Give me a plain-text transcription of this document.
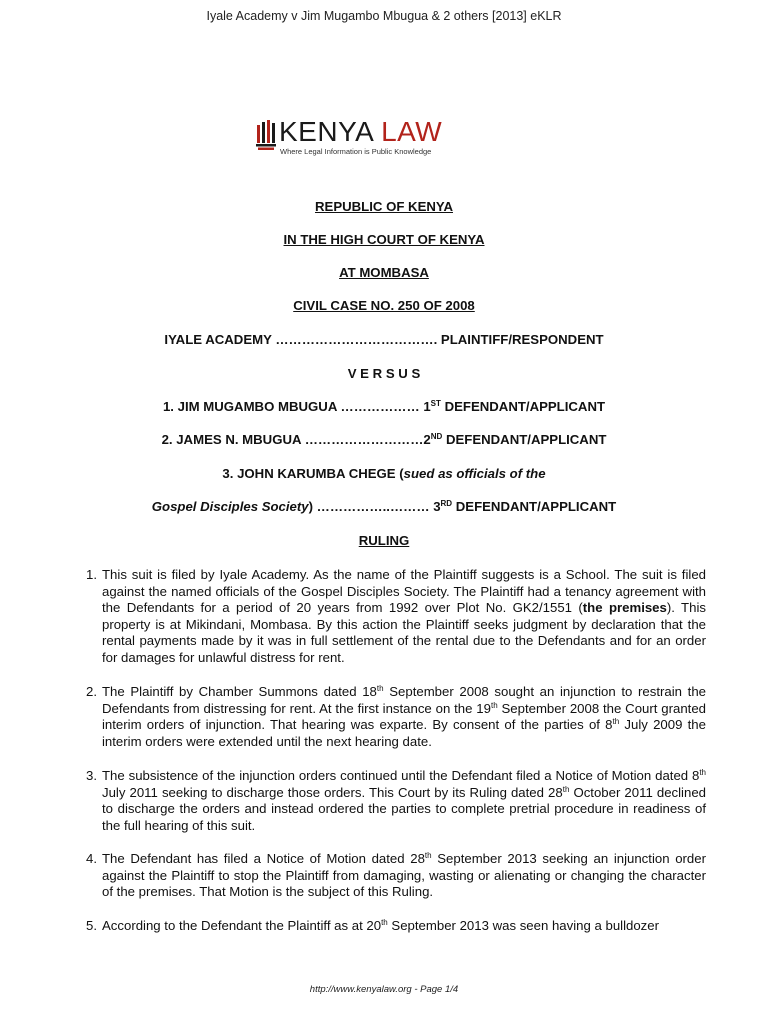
Iyale Academy v Jim Mugambo Mbugua & 2 others [2013] eKLR
KENYA LAW
Where Legal Information is Public Knowledge
REPUBLIC OF KENYA
IN THE HIGH COURT OF KENYA
AT MOMBASA
CIVIL CASE NO. 250 OF 2008
IYALE ACADEMY ………………………………. PLAINTIFF/RESPONDENT
V E R S U S
1. JIM MUGAMBO MBUGUA ……………… 1ST DEFENDANT/APPLICANT
2. JAMES N. MBUGUA ………………………2ND DEFENDANT/APPLICANT
3. JOHN KARUMBA CHEGE (sued as officials of the
Gospel Disciples Society) ……………..……… 3RD DEFENDANT/APPLICANT
RULING
1. This suit is filed by Iyale Academy. As the name of the Plaintiff suggests is a School. The suit is filed against the named officials of the Gospel Disciples Society. The Plaintiff had a tenancy agreement with the Defendants for a period of 20 years from 1992 over Plot No. GK2/1551 (the premises). This property is at Mikindani, Mombasa. By this action the Plaintiff seeks judgment by declaration that the rental payments made by it was in full settlement of the rental due to the Defendants and for an order for damages for unlawful distress for rent.
2. The Plaintiff by Chamber Summons dated 18th September 2008 sought an injunction to restrain the Defendants from distressing for rent. At the first instance on the 19th September 2008 the Court granted interim orders of injunction. That hearing was exparte. By consent of the parties of 8th July 2009 the interim orders were extended until the next hearing date.
3. The subsistence of the injunction orders continued until the Defendant filed a Notice of Motion dated 8th July 2011 seeking to discharge those orders. This Court by its Ruling dated 28th October 2011 declined to discharge the orders and instead ordered the parties to complete pretrial procedure in readiness of the full hearing of this suit.
4. The Defendant has filed a Notice of Motion dated 28th September 2013 seeking an injunction order against the Plaintiff to stop the Plaintiff from damaging, wasting or alienating or changing the character of the premises. That Motion is the subject of this Ruling.
5. According to the Defendant the Plaintiff as at 20th September 2013 was seen having a bulldozer
http://www.kenyalaw.org - Page 1/4
